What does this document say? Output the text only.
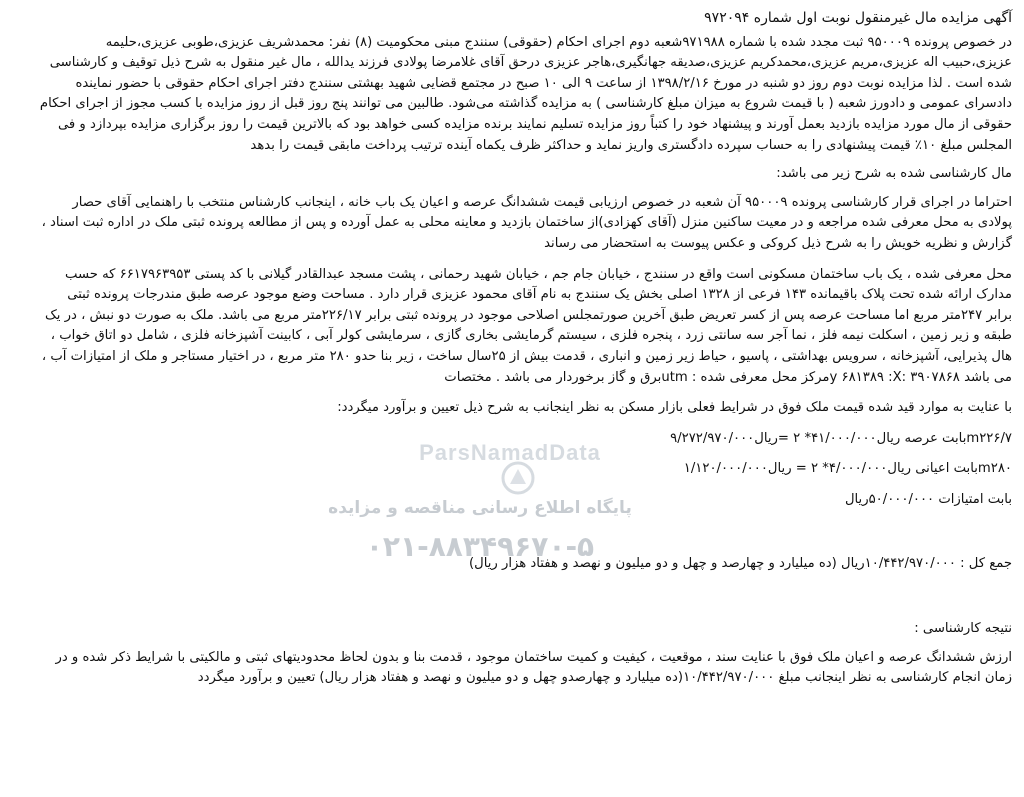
آگهی مزایده مال غیرمنقول نوبت اول شماره ۹۷۲۰۹۴

در خصوص پرونده ۹۵۰۰۰۹ ثبت مجدد شده با شماره ۹۷۱۹۸۸شعبه دوم اجرای احکام (حقوقی) سنندج مبنی محکومیت (۸) نفر: محمدشریف عزیزی،طوبی عزیزی،حلیمه
عزیزی،حبیب اله عزیزی،مریم عزیزی،محمدکریم عزیزی،صدیقه جهانگیری،هاجر عزیزی درحق آقای غلامرضا پولادی فرزند یدالله ، مال غیر منقول به شرح ذیل توقیف و کارشناسی
شده است . لذا مزایده نوبت دوم روز دو شنبه در مورخ ۱۳۹۸/۲/۱۶ از ساعت ۹ الی ۱۰ صبح در مجتمع قضایی شهید بهشتی سنندج دفتر اجرای احکام حقوقی با حضور نماینده
دادسرای عمومی و دادورز شعبه ( با قیمت شروع به میزان مبلغ کارشناسی ) به مزایده گذاشته می‌شود. طالبین می توانند پنج روز قبل از روز مزایده با کسب مجوز از اجرای احکام
حقوقی از مال مورد مزایده بازدید بعمل آورند و پیشنهاد خود را کتباً روز مزایده تسلیم نمایند برنده مزایده کسی خواهد بود که بالاترین قیمت را روز برگزاری مزایده بپردازد و فی
المجلس مبلغ ۱۰٪ قیمت پیشنهادی را به حساب سپرده دادگستری واریز نماید و حداکثر ظرف یکماه آینده ترتیب پرداخت مابقی قیمت را بدهد

مال کارشناسی شده به شرح زیر می باشد:

احتراما در اجرای قرار کارشناسی پرونده ۹۵۰۰۰۹ آن شعبه در خصوص ارزیابی قیمت ششدانگ عرصه و اعیان یک باب خانه ، اینجانب کارشناس منتخب با راهنمایی آقای حصار
پولادی به محل معرفی شده مراجعه و در معیت ساکنین منزل (آقای کهزادی)از ساختمان بازدید و معاینه محلی به عمل آورده و پس از مطالعه پرونده ثبتی ملک در اداره ثبت اسناد ،
گزارش و نظریه خویش را به شرح ذیل کروکی و عکس پیوست به استحضار می رساند

محل معرفی شده ، یک باب ساختمان مسکونی است واقع در سنندج ، خیابان جام جم ، خیابان شهید رحمانی ، پشت مسجد عبدالقادر گیلانی با کد پستی ۶۶۱۷۹۶۳۹۵۳ که حسب
مدارک ارائه شده تحت پلاک باقیمانده ۱۴۳ فرعی از ۱۳۲۸ اصلی بخش یک سنندج به نام آقای محمود عزیزی قرار دارد . مساحت وضع موجود عرصه طبق مندرجات پرونده ثبتی
برابر ۲۴۷متر مربع اما مساحت عرصه پس از کسر تعریض طبق آخرین صورتمجلس اصلاحی موجود در پرونده ثبتی برابر ۲۲۶/۱۷متر مربع می باشد. ملک به صورت دو نبش ، در یک
طبقه و زیر زمین ، اسکلت نیمه فلز ، نما آجر سه سانتی زرد ، پنجره فلزی ، سیستم گرمایشی بخاری گازی ، سرمایشی کولر آبی ، کابینت آشپزخانه فلزی ، شامل دو اتاق خواب ،
هال پذیرایی، آشپزخانه ، سرویس بهداشتی ، پاسیو ، حیاط زیر زمین و انباری ، قدمت بیش از ۲۵سال ساخت ، زیر بنا حدو ۲۸۰ متر مربع ، در اختیار مستاجر و ملک از امتیازات آب ،
می باشد ۳۹۰۷۸۶۸ :y ۶۸۱۳۸۹ :Xمرکز محل معرفی شده : utmبرق و گاز برخوردار می باشد . مختصات

با عنایت به موارد قید شده قیمت ملک فوق در شرایط فعلی بازار مسکن به نظر اینجانب به شرح ذیل تعیین و برآورد میگردد:

m۲۲۶/۷بابت عرصه ریال۴۱/۰۰۰/۰۰۰* ۲ =ریال۹/۲۷۲/۹۷۰/۰۰۰

m۲۸۰بابت اعیانی ریال۴/۰۰۰/۰۰۰* ۲ = ریال۱/۱۲۰/۰۰۰/۰۰۰

بابت امتیازات ۵۰/۰۰۰/۰۰۰ریال

جمع کل : ۱۰/۴۴۲/۹۷۰/۰۰۰ریال (ده میلیارد و چهارصد و چهل و دو میلیون و نهصد و هفتاد هزار ریال)

نتیجه کارشناسی :

ارزش ششدانگ عرصه و اعیان ملک فوق با عنایت سند ، موقعیت ، کیفیت و کمیت ساختمان موجود ، قدمت بنا و بدون لحاظ محدودیتهای ثبتی و مالکیتی با شرایط ذکر شده و در
زمان انجام کارشناسی به نظر اینجانب مبلغ ۱۰/۴۴۲/۹۷۰/۰۰۰(ده میلیارد و چهارصدو چهل و دو میلیون و نهصد و هفتاد هزار ریال) تعیین و برآورد میگردد

ParsNamadData
پایگاه اطلاع رسانی مناقصه و مزایده
۰۲۱-۸۸۳۴۹۶۷۰-۵
